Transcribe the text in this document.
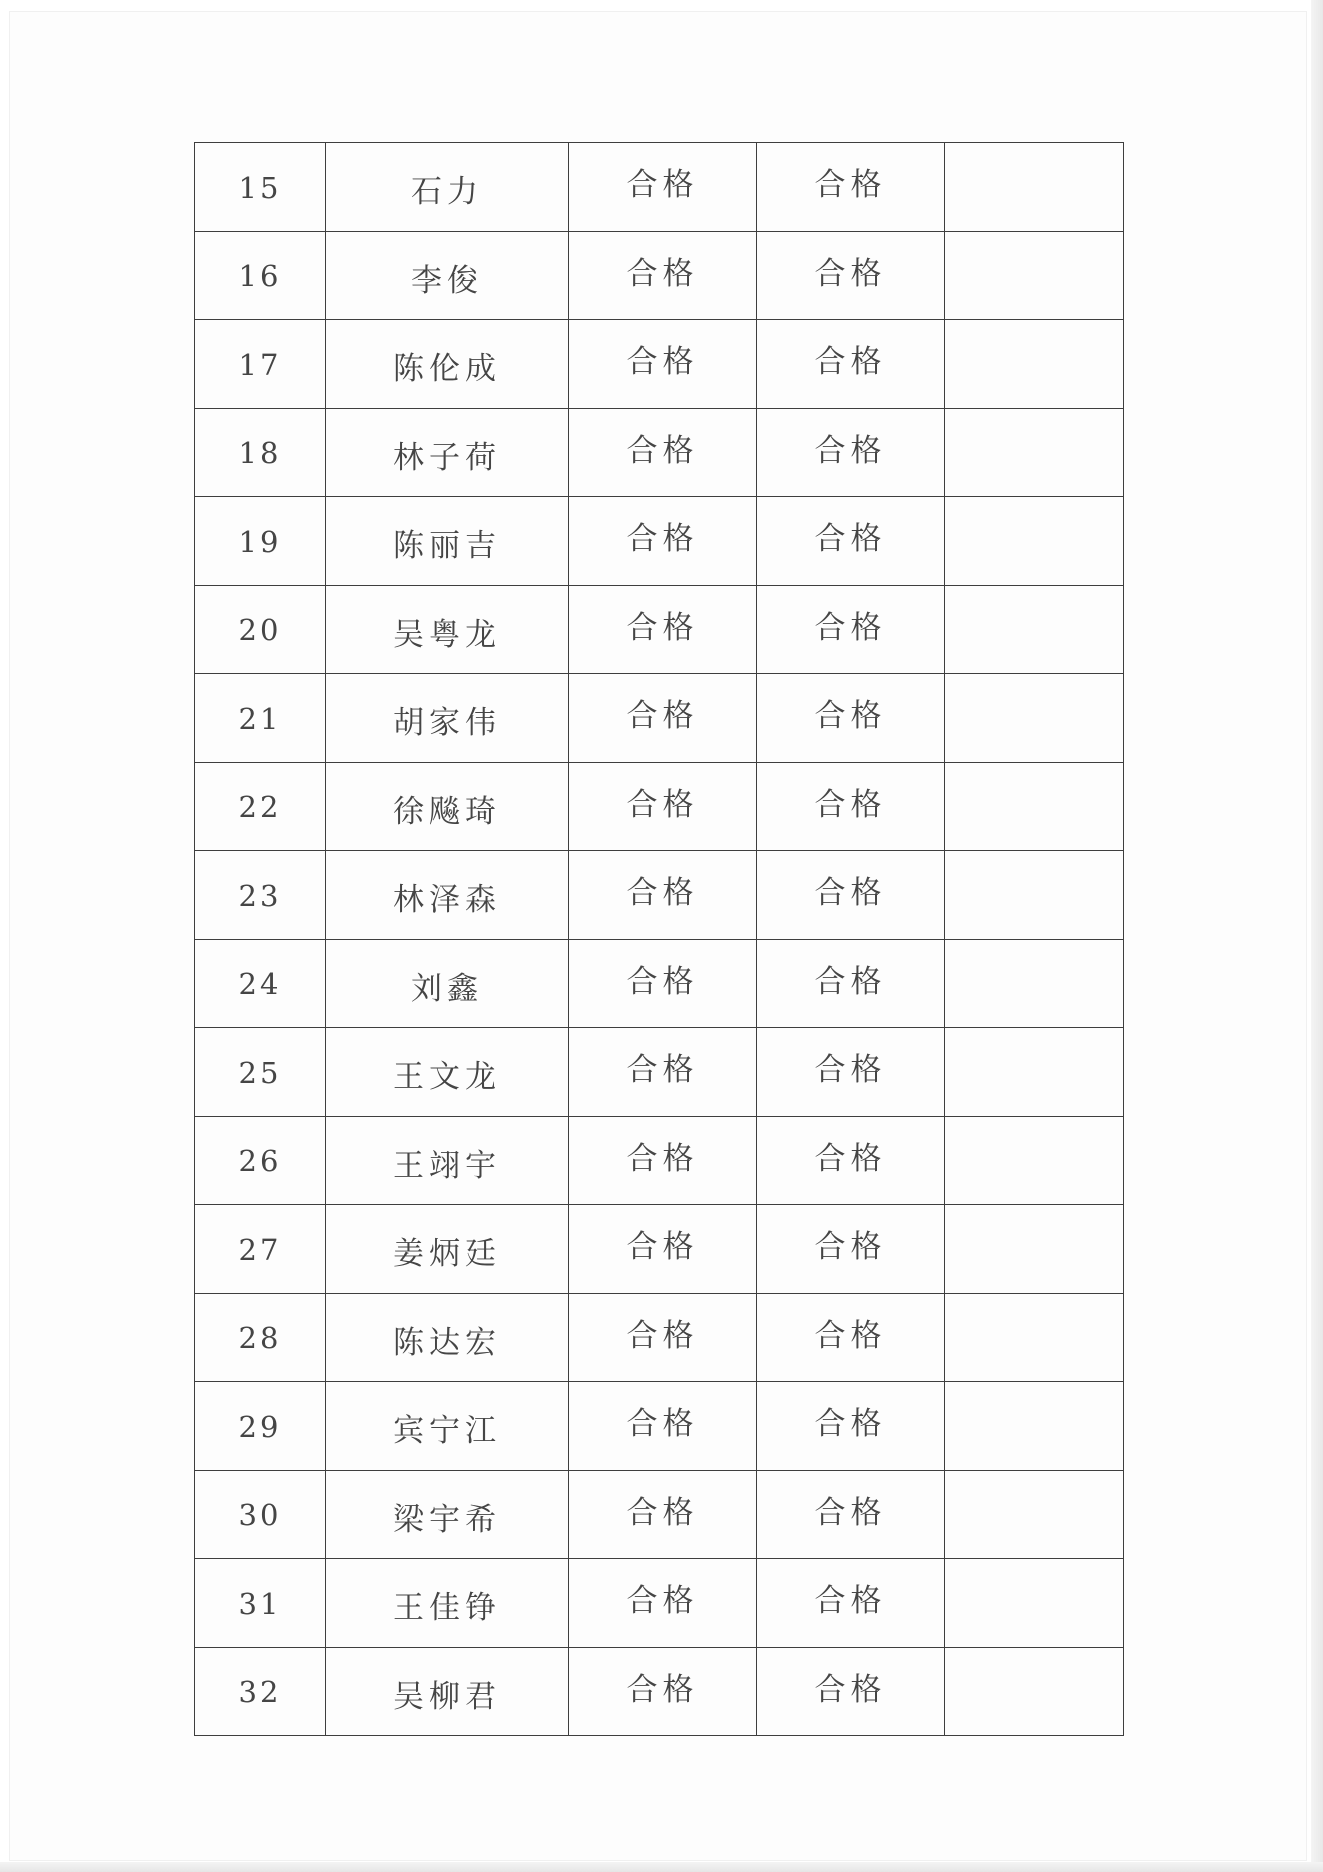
15	石力	合格	合格	
16	李俊	合格	合格	
17	陈伦成	合格	合格	
18	林子荷	合格	合格	
19	陈丽吉	合格	合格	
20	吴粤龙	合格	合格	
21	胡家伟	合格	合格	
22	徐飚琦	合格	合格	
23	林泽森	合格	合格	
24	刘鑫	合格	合格	
25	王文龙	合格	合格	
26	王翊宇	合格	合格	
27	姜炳廷	合格	合格	
28	陈达宏	合格	合格	
29	宾宁江	合格	合格	
30	梁宇希	合格	合格	
31	王佳铮	合格	合格	
32	吴柳君	合格	合格	
